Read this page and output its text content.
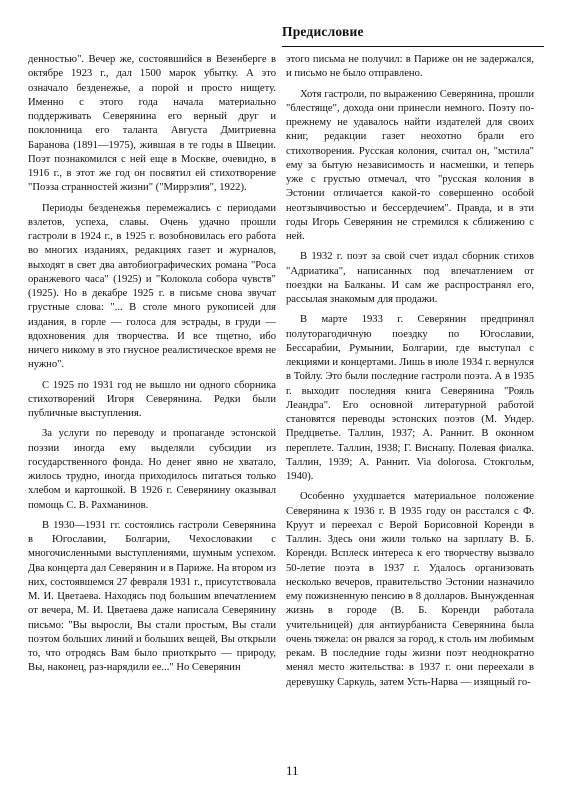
Предисловие

денностью". Вечер же, состоявшийся в Везенберге в октябре 1923 г., дал 1500 марок убытку. А это означало безденежье, а порой и просто нищету. Именно с этого года начала материально поддерживать Северянина его верный друг и поклонница его таланта Августа Дмитриевна Баранова (1891—1975), жившая в те годы в Швеции. Поэт познакомился с ней еще в Москве, очевидно, в 1916 г., в этот же год он посвятил ей стихотворение "Поэза странностей жизни" ("Миррэлия", 1922).

Периоды безденежья перемежались с периодами взлетов, успеха, славы. Очень удачно прошли гастроли в 1924 г., в 1925 г. возобновилась его работа во многих изданиях, редакциях газет и журналов, выходят в свет два автобиографических романа "Роса оранжевого часа" (1925) и "Колокола собора чувств" (1925). Но в декабре 1925 г. в письме снова звучат грустные слова: "... В столе много рукописей для издания, в горле — голоса для эстрады, в груди — вдохновения для творчества. И все тщетно, ибо ничего никому в это гнусное реалистическое время не нужно".

С 1925 по 1931 год не вышло ни одного сборника стихотворений Игоря Северянина. Редки были публичные выступления.

За услуги по переводу и пропаганде эстонской поэзии иногда ему выделяли субсидии из государственного фонда. Но денег явно не хватало, жилось трудно, иногда приходилось питаться только хлебом и картошкой. В 1926 г. Северянину оказывал помощь С. В. Рахманинов.

В 1930—1931 гг. состоялись гастроли Северянина в Югославии, Болгарии, Чехословакии с многочисленными выступлениями, шумным успехом. Два концерта дал Северянин и в Париже. На втором из них, состоявшемся 27 февраля 1931 г., присутствовала М. И. Цветаева. Находясь под большим впечатлением от вечера, М. И. Цветаева даже написала Северянину письмо: "Вы выросли, Вы стали простым, Вы стали поэтом больших линий и больших вещей, Вы открыли то, что отродясь Вам было приоткрыто — природу, Вы, наконец, раз-нарядили ее..." Но Северянин

этого письма не получил: в Париже он не задержался, и письмо не было отправлено.

Хотя гастроли, по выражению Северянина, прошли "блестяще", дохода они принесли немного. Поэту по-прежнему не удавалось найти издателей для своих книг, редакции газет неохотно брали его стихотворения. Русская колония, считал он, "мстила" ему за бытую независимость и насмешки, и теперь уже с грустью отмечал, что "русская колония в Эстонии отличается какой-то совершенно особой неотзывчивостью и бессердечием". Правда, и в эти годы Игорь Северянин не стремился к сближению с ней.

В 1932 г. поэт за свой счет издал сборник стихов "Адриатика", написанных под впечатлением от поездки на Балканы. И сам же распространял его, рассылая знакомым для продажи.

В марте 1933 г. Северянин предпринял полуторагодичную поездку по Югославии, Бессарабии, Румынии, Болгарии, где выступал с лекциями и концертами. Лишь в июле 1934 г. вернулся в Тойлу. Это были последние гастроли поэта. А в 1935 г. выходит последняя книга Северянина "Рояль Леандра". Его основной литературной работой становятся переводы эстонских поэтов (М. Ундер. Предцветье. Таллин, 1937; А. Раннит. В оконном переплете. Таллин, 1938; Г. Виснапу. Полевая фиалка. Таллин, 1939; А. Раннит. Via dolorosa. Стокгольм, 1940).

Особенно ухудшается материальное положение Северянина к 1936 г. В 1935 году он расстался с Ф. Круут и переехал с Верой Борисовной Коренди в Таллин. Здесь они жили только на зарплату В. Б. Коренди. Всплеск интереса к его творчеству вызвало 50-летие поэта в 1937 г. Удалось организовать несколько вечеров, правительство Эстонии назначило ему пожизненную пенсию в 8 долларов. Вынужденная жизнь в городе (В. Б. Коренди работала учительницей) для антиурбаниста Северянина была очень тяжела: он рвался за город, к столь им любимым рекам. В последние годы жизни поэт неоднократно менял место жительства: в 1937 г. они переехали в деревушку Саркуль, затем Усть-Нарва — изящный го-

11
